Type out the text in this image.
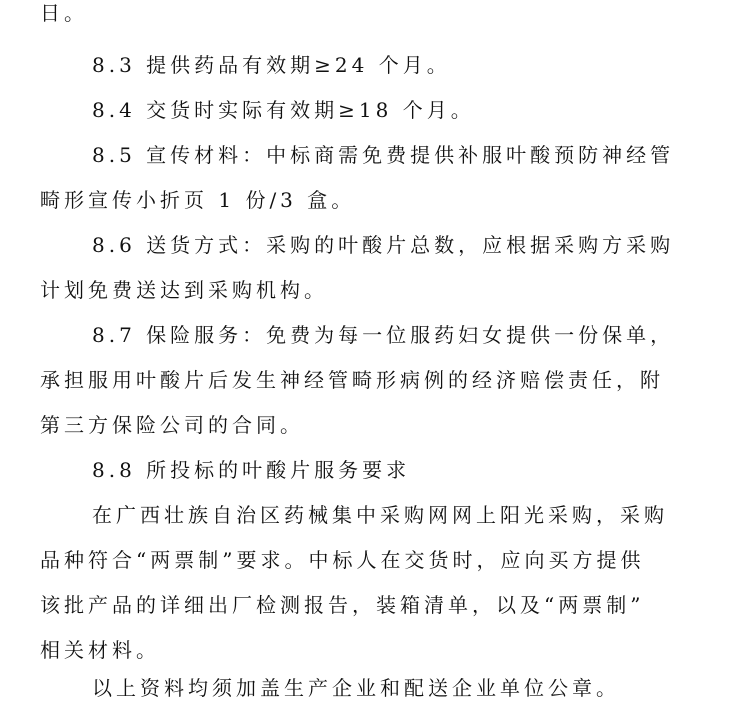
日。
8.3 提供药品有效期≥24 个月。
8.4 交货时实际有效期≥18 个月。
8.5 宣传材料：中标商需免费提供补服叶酸预防神经管
畸形宣传小折页 1 份/3 盒。
8.6 送货方式：采购的叶酸片总数，应根据采购方采购
计划免费送达到采购机构。
8.7 保险服务：免费为每一位服药妇女提供一份保单，
承担服用叶酸片后发生神经管畸形病例的经济赔偿责任，附
第三方保险公司的合同。
8.8 所投标的叶酸片服务要求
在广西壮族自治区药械集中采购网网上阳光采购，采购
品种符合“两票制”要求。中标人在交货时，应向买方提供
该批产品的详细出厂检测报告，装箱清单，以及“两票制”
相关材料。
以上资料均须加盖生产企业和配送企业单位公章。
